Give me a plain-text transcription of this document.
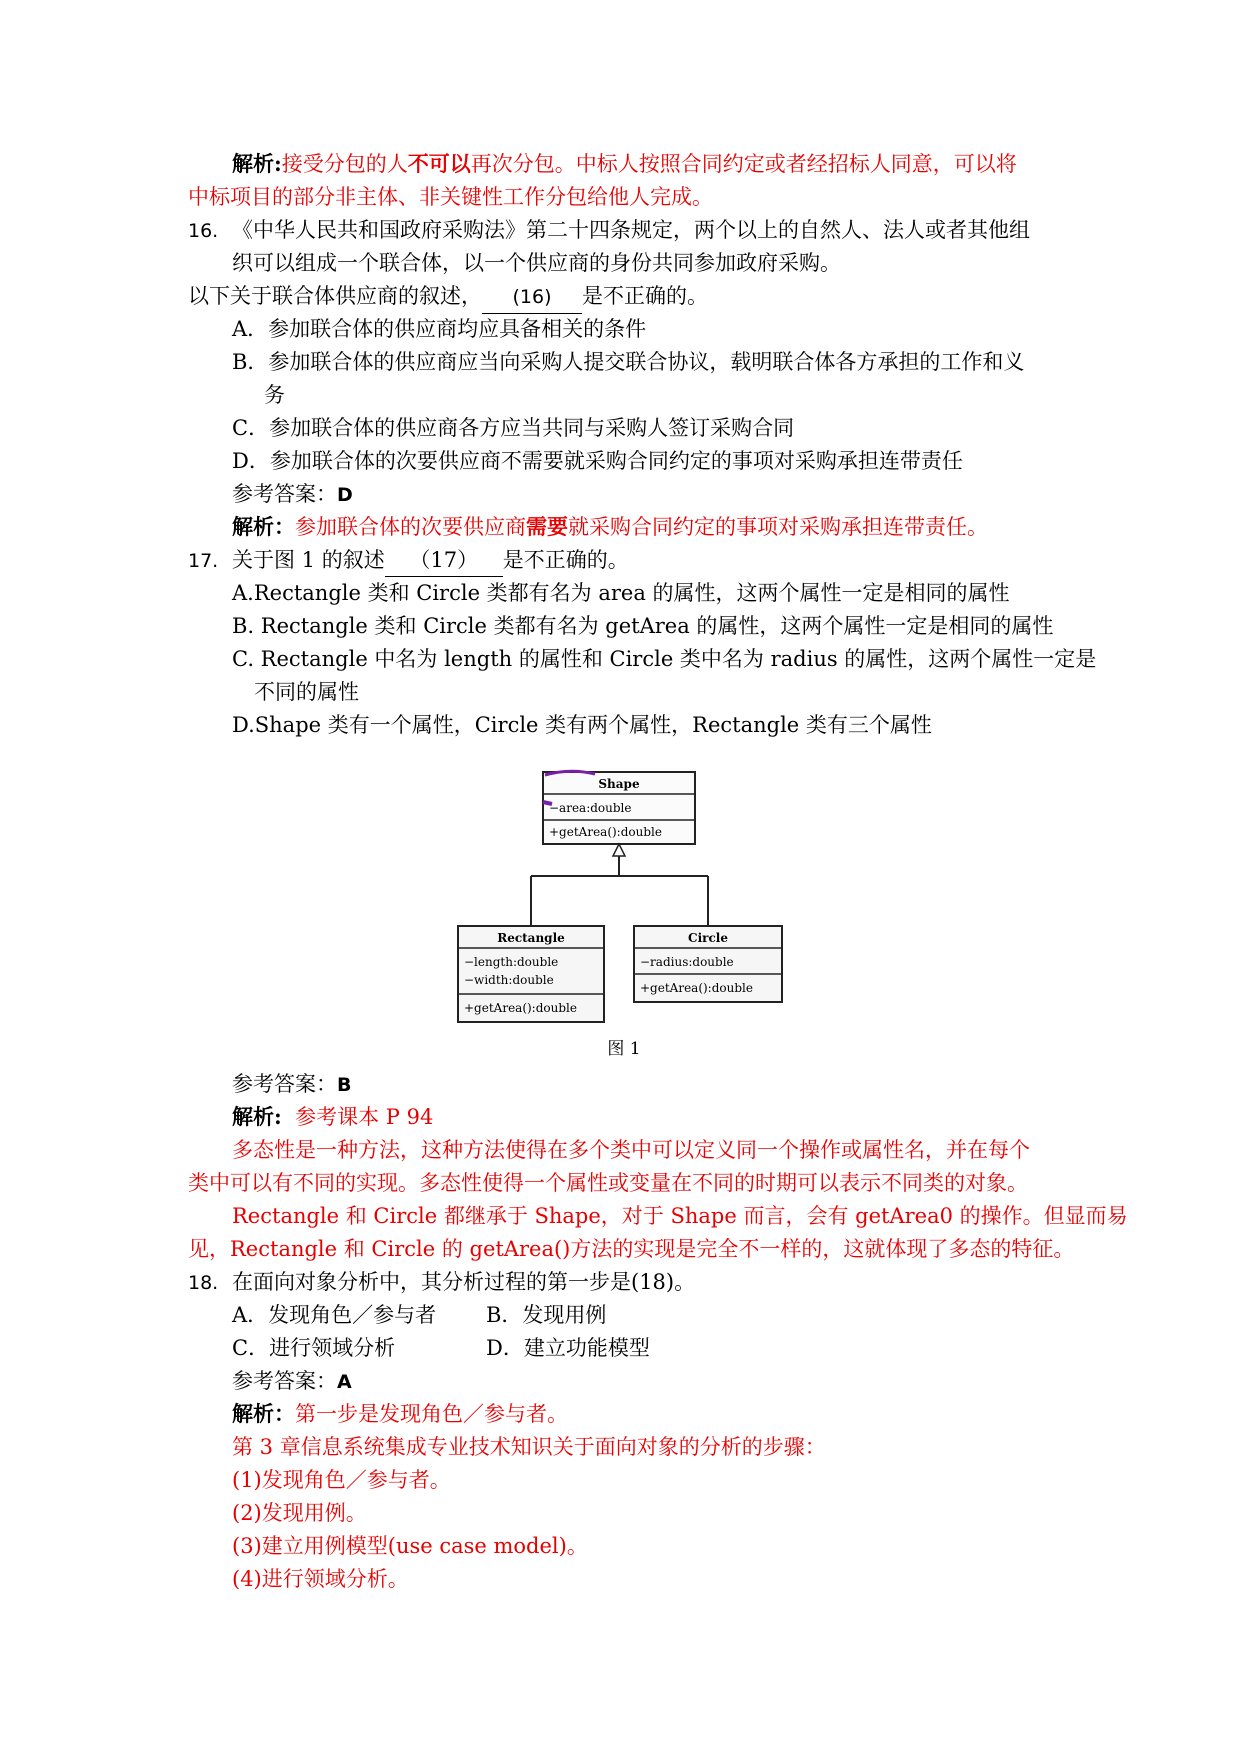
解析:接受分包的人不可以再次分包。中标人按照合同约定或者经招标人同意，可以将
中标项目的部分非主体、非关键性工作分包给他人完成。
16. 《中华人民共和国政府采购法》第二十四条规定，两个以上的自然人、法人或者其他组
织可以组成一个联合体，以一个供应商的身份共同参加政府采购。
以下关于联合体供应商的叙述， (16) 是不正确的。
A．参加联合体的供应商均应具备相关的条件
B．参加联合体的供应商应当向采购人提交联合协议，载明联合体各方承担的工作和义
务
C．参加联合体的供应商各方应当共同与采购人签订采购合同
D．参加联合体的次要供应商不需要就采购合同约定的事项对采购承担连带责任
参考答案：D
解析：参加联合体的次要供应商需要就采购合同约定的事项对采购承担连带责任。
17. 关于图 1 的叙述 （17） 是不正确的。
A.Rectangle 类和 Circle 类都有名为 area 的属性，这两个属性一定是相同的属性
B. Rectangle 类和 Circle 类都有名为 getArea 的属性，这两个属性一定是相同的属性
C. Rectangle 中名为 length 的属性和 Circle 类中名为 radius 的属性，这两个属性一定是
不同的属性
D.Shape 类有一个属性，Circle 类有两个属性，Rectangle 类有三个属性
Shape
−area:double
+getArea():double
Rectangle
−length:double
−width:double
+getArea():double
Circle
−radius:double
+getArea():double
图 1
参考答案：B
解析: 参考课本 P 94
多态性是一种方法，这种方法使得在多个类中可以定义同一个操作或属性名，并在每个
类中可以有不同的实现。多态性使得一个属性或变量在不同的时期可以表示不同类的对象。
Rectangle 和 Circle 都继承于 Shape，对于 Shape 而言，会有 getArea0 的操作。但显而易
见，Rectangle 和 Circle 的 getArea()方法的实现是完全不一样的，这就体现了多态的特征。
18. 在面向对象分析中，其分析过程的第一步是(18)。
A．发现角色／参与者 B．发现用例
C．进行领域分析	D．建立功能模型
参考答案：A
解析：第一步是发现角色／参与者。
第 3 章信息系统集成专业技术知识关于面向对象的分析的步骤：
(1)发现角色／参与者。
(2)发现用例。
(3)建立用例模型(use case model)。
(4)进行领域分析。
